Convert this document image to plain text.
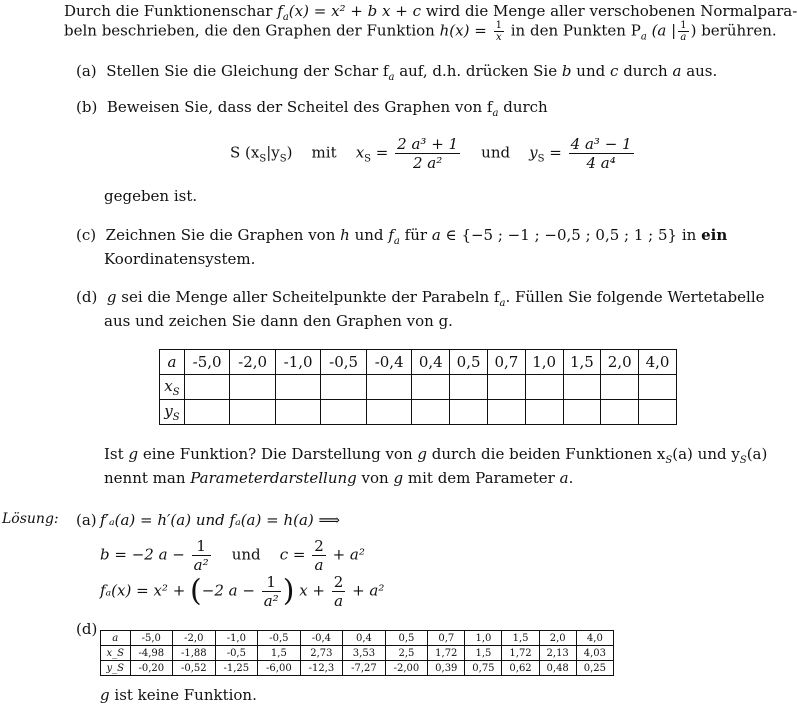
Durch die Funktionenschar $f_a(x) = x^2 + b$ x + c wird die Menge aller verschobenen Normalpara-
beln beschrieben, die den Graphen der Funktion $h(x) = \frac{1}{x}$ in den Punkten $P_a$ (a | $\frac{1}{a}$ ) berühren.
(a) Stellen Sie die Gleichung der Schar $f_a$ auf, d.h. drücken Sie b und c durch a aus.
(b) Beweisen Sie, dass der Scheitel des Graphen von $f_a$ durch
S $(x_S|y_S)$ mit $x_S = \frac{\text{2 a³ + 1}}{\text{2 a²}}$ und $y_S = \frac{\text{4 a³ − 1}}{\text{4 a⁴}}$
gegeben ist.
(c) Zeichnen Sie die Graphen von h und $f_a$ für a ∈ {−5 ; −1 ; −0,5 ; 0,5 ; 1 ; 5} in ein
Koordinatensystem.
(d) g sei die Menge aller Scheitelpunkte der Parabeln $f_a$. Füllen Sie folgende Wertetabelle
aus und zeichen Sie dann den Graphen von g.
a	-5,0	-2,0	-1,0	-0,5	-0,4	0,4	0,5	0,7	1,0	1,5	2,0	4,0
$x_S$												
$y_S$												
Ist g eine Funktion? Die Darstellung von g durch die beiden Funktionen $x_S(a)$ und $y_S(a)$
nennt man Parameterdarstellung von g mit dem Parameter a.
Lösung: (a) f′ₐ(a) = h′(a) und fₐ(a) = h(a) ⟹
b = −2 $a - \frac{1}{\text{a²}}$ und $c = \frac{2}{a} + a^2$
fₐ(x) = x² + (−2 $a - \frac{1}{\text{a²}}$ ) $x + \frac{2}{a} + a^2$
(d) a	-5,0	-2,0	-1,0	-0,5	-0,4	0,4	0,5	0,7	1,0	1,5	2,0	4,0
x_S	-4,98	-1,88	-0,5	1,5	2,73	3,53	2,5	1,72	1,5	1,72	2,13	4,03
y_S	-0,20	-0,52	-1,25	-6,00	-12,3	-7,27	-2,00	0,39	0,75	0,62	0,48	0,25
g ist keine Funktion.
